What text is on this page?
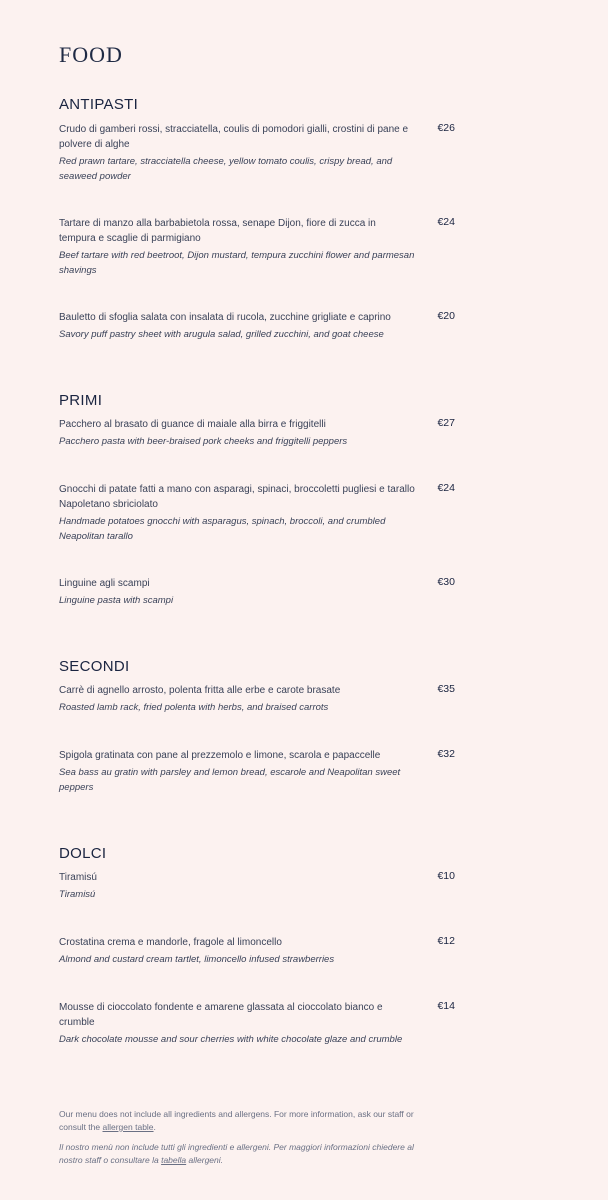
FOOD
ANTIPASTI

Crudo di gamberi rossi, stracciatella, coulis di pomodori gialli, crostini di pane e polvere di alghe

Red prawn tartare, stracciatella cheese, yellow tomato coulis, crispy bread, and seaweed powder

€26

Tartare di manzo alla barbabietola rossa, senape Dijon, fiore di zucca in tempura e scaglie di parmigiano

Beef tartare with red beetroot, Dijon mustard, tempura zucchini flower and parmesan shavings

€24

Bauletto di sfoglia salata con insalata di rucola, zucchine grigliate e caprino

Savory puff pastry sheet with arugula salad, grilled zucchini, and goat cheese

€20
PRIMI

Pacchero al brasato di guance di maiale alla birra e friggitelli

Pacchero pasta with beer-braised pork cheeks and friggitelli peppers

€27

Gnocchi di patate fatti a mano con asparagi, spinaci, broccoletti pugliesi e tarallo Napoletano sbriciolato

Handmade potatoes gnocchi with asparagus, spinach, broccoli, and crumbled Neapolitan tarallo

€24

Linguine agli scampi

Linguine pasta with scampi

€30
SECONDI

Carrè di agnello arrosto, polenta fritta alle erbe e carote brasate

Roasted lamb rack, fried polenta with herbs, and braised carrots

€35

Spigola gratinata con pane al prezzemolo e limone, scarola e papaccelle

Sea bass au gratin with parsley and lemon bread, escarole and Neapolitan sweet peppers

€32
DOLCI

Tiramisú

Tiramisú

€10

Crostatina crema e mandorle, fragole al limoncello

Almond and custard cream tartlet, limoncello infused strawberries

€12

Mousse di cioccolato fondente e amarene glassata al cioccolato bianco e crumble

Dark chocolate mousse and sour cherries with white chocolate glaze and crumble

€14

Our menu does not include all ingredients and allergens. For more information, ask our staff or consult the allergen table.

Il nostro menù non include tutti gli ingredienti e allergeni. Per maggiori informazioni chiedere al nostro staff o consultare la tabella allergeni.
